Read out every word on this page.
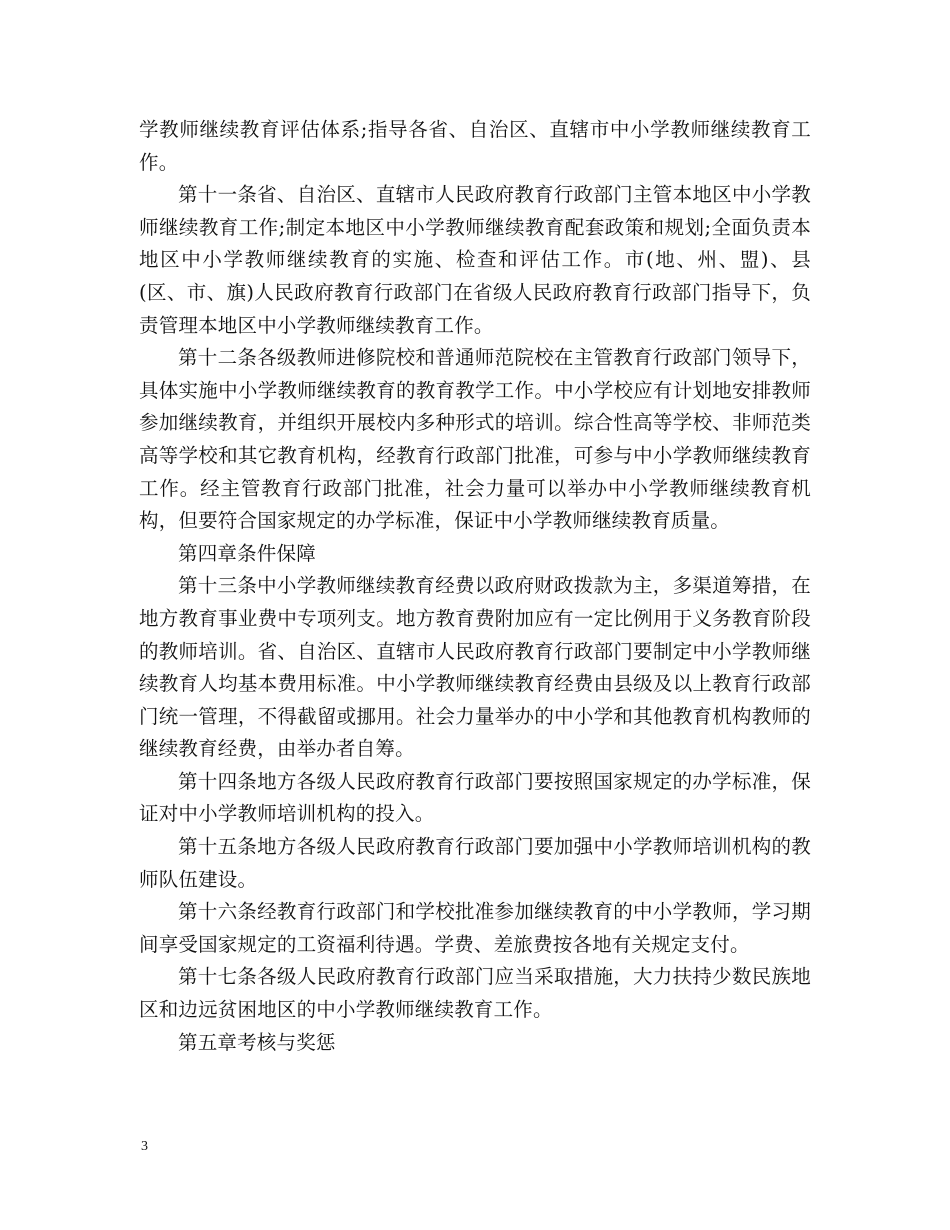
学教师继续教育评估体系;指导各省、自治区、直辖市中小学教师继续教育工作。

第十一条省、自治区、直辖市人民政府教育行政部门主管本地区中小学教师继续教育工作;制定本地区中小学教师继续教育配套政策和规划;全面负责本地区中小学教师继续教育的实施、检查和评估工作。市(地、州、盟)、县(区、市、旗)人民政府教育行政部门在省级人民政府教育行政部门指导下，负责管理本地区中小学教师继续教育工作。

第十二条各级教师进修院校和普通师范院校在主管教育行政部门领导下，具体实施中小学教师继续教育的教育教学工作。中小学校应有计划地安排教师参加继续教育，并组织开展校内多种形式的培训。综合性高等学校、非师范类高等学校和其它教育机构，经教育行政部门批准，可参与中小学教师继续教育工作。经主管教育行政部门批准，社会力量可以举办中小学教师继续教育机构，但要符合国家规定的办学标准，保证中小学教师继续教育质量。

第四章条件保障

第十三条中小学教师继续教育经费以政府财政拨款为主，多渠道筹措，在地方教育事业费中专项列支。地方教育费附加应有一定比例用于义务教育阶段的教师培训。省、自治区、直辖市人民政府教育行政部门要制定中小学教师继续教育人均基本费用标准。中小学教师继续教育经费由县级及以上教育行政部门统一管理，不得截留或挪用。社会力量举办的中小学和其他教育机构教师的继续教育经费，由举办者自筹。

第十四条地方各级人民政府教育行政部门要按照国家规定的办学标准，保证对中小学教师培训机构的投入。

第十五条地方各级人民政府教育行政部门要加强中小学教师培训机构的教师队伍建设。

第十六条经教育行政部门和学校批准参加继续教育的中小学教师，学习期间享受国家规定的工资福利待遇。学费、差旅费按各地有关规定支付。

第十七条各级人民政府教育行政部门应当采取措施，大力扶持少数民族地区和边远贫困地区的中小学教师继续教育工作。

第五章考核与奖惩

3
